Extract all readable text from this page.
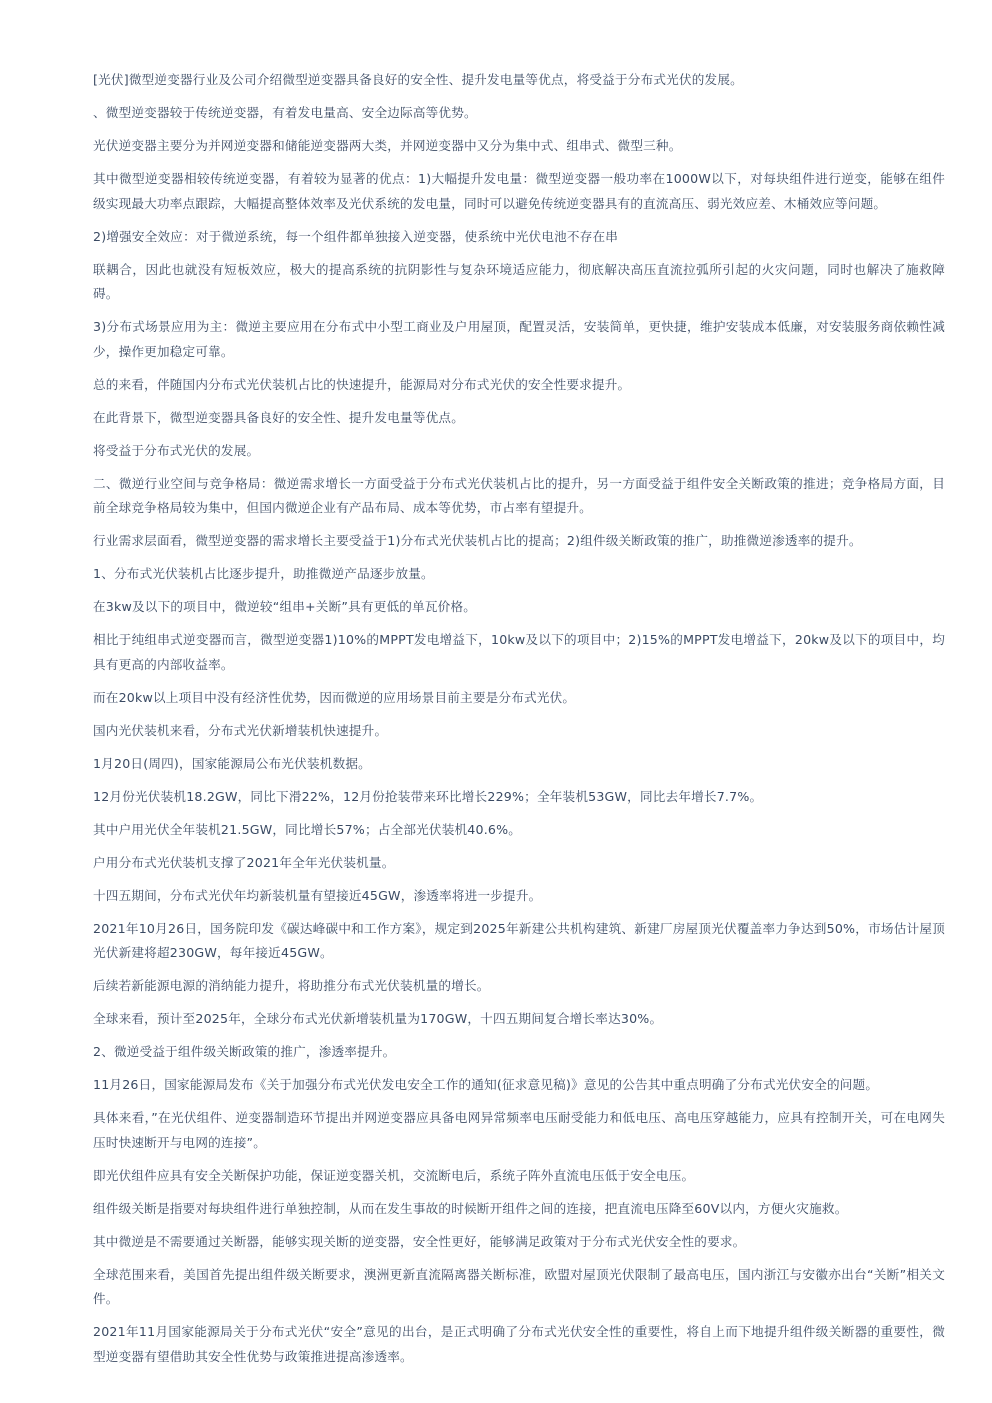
[光伏]微型逆变器行业及公司介绍微型逆变器具备良好的安全性、提升发电量等优点，将受益于分布式光伏的发展。

、微型逆变器较于传统逆变器，有着发电量高、安全边际高等优势。

光伏逆变器主要分为并网逆变器和储能逆变器两大类，并网逆变器中又分为集中式、组串式、微型三种。

其中微型逆变器相较传统逆变器，有着较为显著的优点：1)大幅提升发电量：微型逆变器一般功率在1000W以下，对每块组件进行逆变，能够在组件级实现最大功率点跟踪，大幅提高整体效率及光伏系统的发电量，同时可以避免传统逆变器具有的直流高压、弱光效应差、木桶效应等问题。

2)增强安全效应：对于微逆系统，每一个组件都单独接入逆变器，使系统中光伏电池不存在串

联耦合，因此也就没有短板效应，极大的提高系统的抗阴影性与复杂环境适应能力，彻底解决高压直流拉弧所引起的火灾问题，同时也解决了施救障碍。

3)分布式场景应用为主：微逆主要应用在分布式中小型工商业及户用屋顶，配置灵活，安装简单，更快捷，维护安装成本低廉，对安装服务商依赖性减少，操作更加稳定可靠。

总的来看，伴随国内分布式光伏装机占比的快速提升，能源局对分布式光伏的安全性要求提升。

在此背景下，微型逆变器具备良好的安全性、提升发电量等优点。

将受益于分布式光伏的发展。

二、微逆行业空间与竞争格局：微逆需求增长一方面受益于分布式光伏装机占比的提升，另一方面受益于组件安全关断政策的推进；竞争格局方面，目前全球竞争格局较为集中，但国内微逆企业有产品布局、成本等优势，市占率有望提升。

行业需求层面看，微型逆变器的需求增长主要受益于1)分布式光伏装机占比的提高；2)组件级关断政策的推广，助推微逆渗透率的提升。

1、分布式光伏装机占比逐步提升，助推微逆产品逐步放量。

在3kw及以下的项目中，微逆较“组串+关断”具有更低的单瓦价格。

相比于纯组串式逆变器而言，微型逆变器1)10%的MPPT发电增益下，10kw及以下的项目中；2)15%的MPPT发电增益下，20kw及以下的项目中，均具有更高的内部收益率。

而在20kw以上项目中没有经济性优势，因而微逆的应用场景目前主要是分布式光伏。

国内光伏装机来看，分布式光伏新增装机快速提升。

1月20日(周四)，国家能源局公布光伏装机数据。

12月份光伏装机18.2GW，同比下滑22%，12月份抢装带来环比增长229%；全年装机53GW，同比去年增长7.7%。

其中户用光伏全年装机21.5GW，同比增长57%；占全部光伏装机40.6%。

户用分布式光伏装机支撑了2021年全年光伏装机量。

十四五期间，分布式光伏年均新装机量有望接近45GW，渗透率将进一步提升。

2021年10月26日，国务院印发《碳达峰碳中和工作方案》，规定到2025年新建公共机构建筑、新建厂房屋顶光伏覆盖率力争达到50%，市场估计屋顶光伏新建将超230GW，每年接近45GW。

后续若新能源电源的消纳能力提升，将助推分布式光伏装机量的增长。

全球来看，预计至2025年，全球分布式光伏新增装机量为170GW，十四五期间复合增长率达30%。

2、微逆受益于组件级关断政策的推广，渗透率提升。

11月26日，国家能源局发布《关于加强分布式光伏发电安全工作的通知(征求意见稿)》意见的公告其中重点明确了分布式光伏安全的问题。

具体来看，”在光伏组件、逆变器制造环节提出并网逆变器应具备电网异常频率电压耐受能力和低电压、高电压穿越能力，应具有控制开关，可在电网失压时快速断开与电网的连接”。

即光伏组件应具有安全关断保护功能，保证逆变器关机，交流断电后，系统子阵外直流电压低于安全电压。

组件级关断是指要对每块组件进行单独控制，从而在发生事故的时候断开组件之间的连接，把直流电压降至60V以内，方便火灾施救。

其中微逆是不需要通过关断器，能够实现关断的逆变器，安全性更好，能够满足政策对于分布式光伏安全性的要求。

全球范围来看，美国首先提出组件级关断要求，澳洲更新直流隔离器关断标准，欧盟对屋顶光伏限制了最高电压，国内浙江与安徽亦出台“关断”相关文件。

2021年11月国家能源局关于分布式光伏“安全”意见的出台，是正式明确了分布式光伏安全性的重要性，将自上而下地提升组件级关断器的重要性，微型逆变器有望借助其安全性优势与政策推进提高渗透率。
